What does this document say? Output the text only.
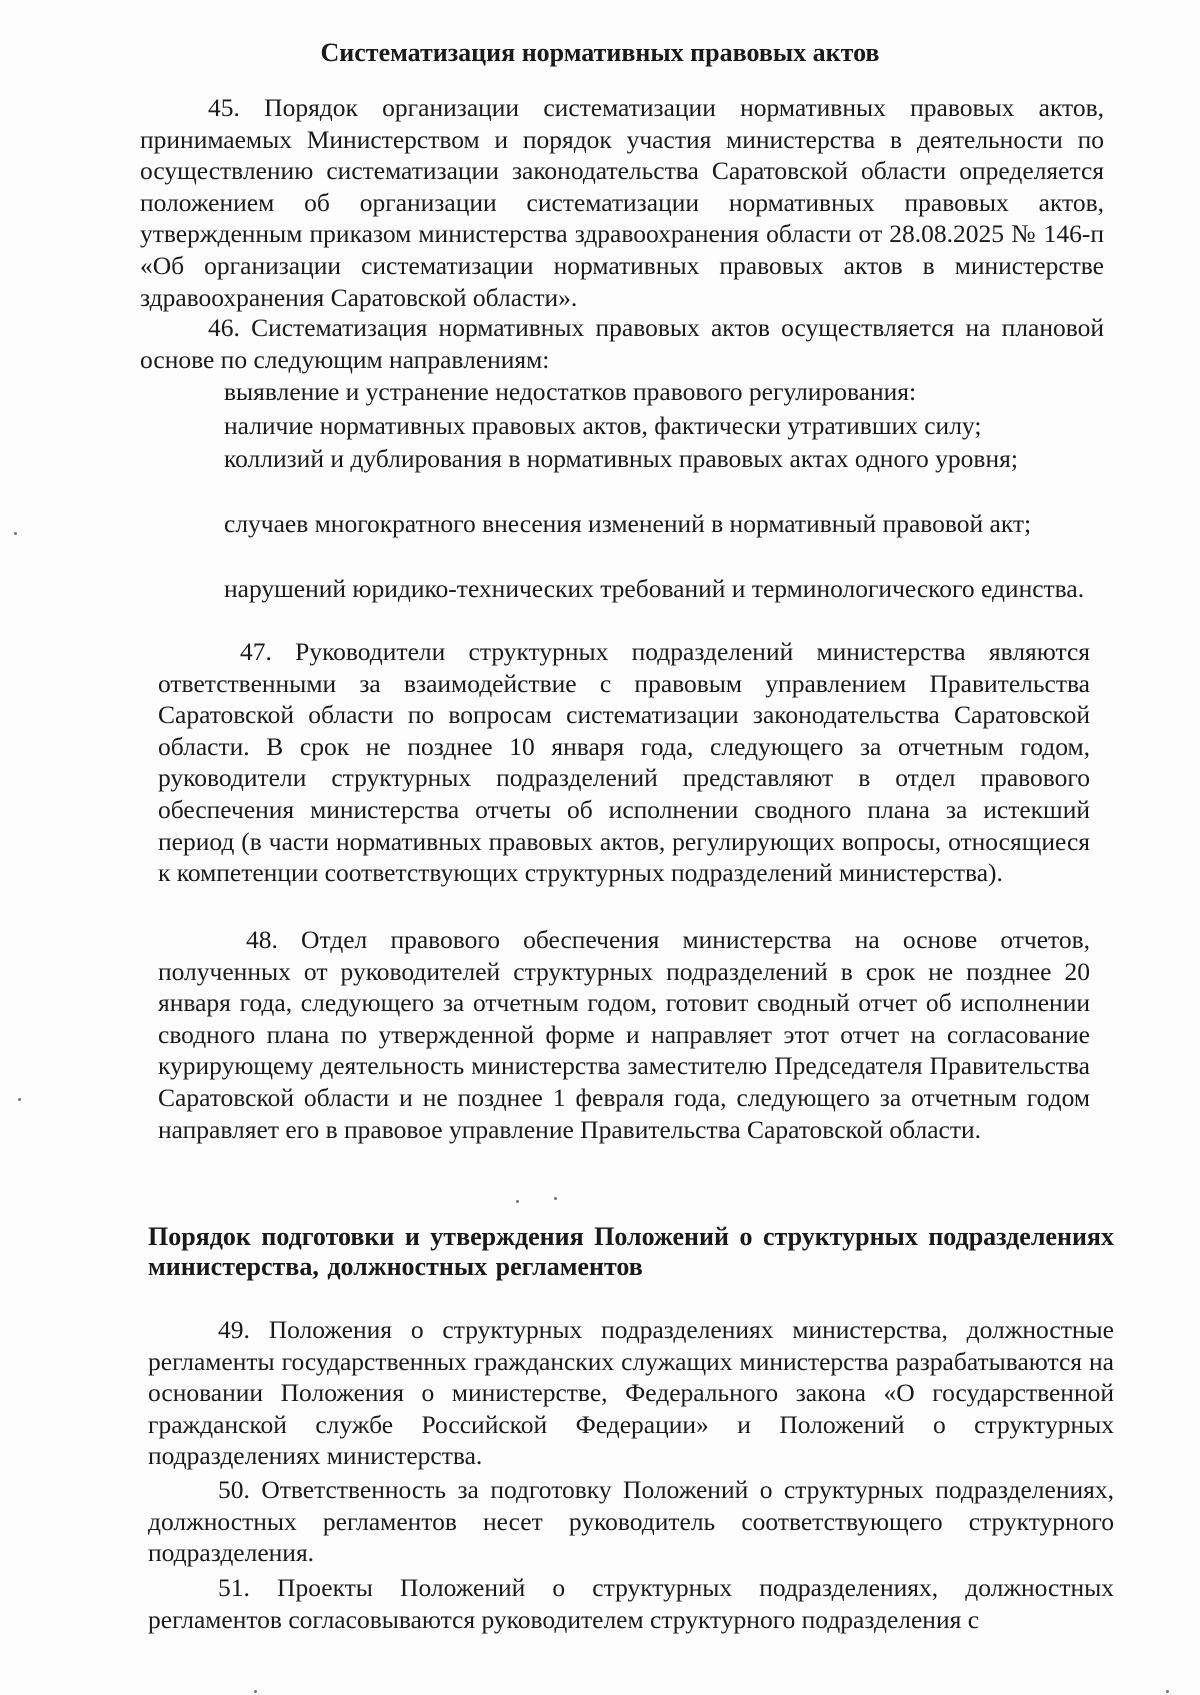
Систематизация нормативных правовых актов

45. Порядок организации систематизации нормативных правовых актов, принимаемых Министерством и порядок участия министерства в деятельности по осуществлению систематизации законодательства Саратовской области определяется положением об организации систематизации нормативных правовых актов, утвержденным приказом министерства здравоохранения области от 28.08.2025 № 146-п «Об организации систематизации нормативных правовых актов в министерстве здравоохранения Саратовской области».

46. Систематизация нормативных правовых актов осуществляется на плановой основе по следующим направлениям:

выявление и устранение недостатков правового регулирования:

наличие нормативных правовых актов, фактически утративших силу;

коллизий и дублирования в нормативных правовых актах одного уровня;

случаев многократного внесения изменений в нормативный правовой акт;

нарушений юридико-технических требований и терминологического единства.

47. Руководители структурных подразделений министерства являются ответственными за взаимодействие с правовым управлением Правительства Саратовской области по вопросам систематизации законодательства Саратовской области. В срок не позднее 10 января года, следующего за отчетным годом, руководители структурных подразделений представляют в отдел правового обеспечения министерства отчеты об исполнении сводного плана за истекший период (в части нормативных правовых актов, регулирующих вопросы, относящиеся к компетенции соответствующих структурных подразделений министерства).

48. Отдел правового обеспечения министерства на основе отчетов, полученных от руководителей структурных подразделений в срок не позднее 20 января года, следующего за отчетным годом, готовит сводный отчет об исполнении сводного плана по утвержденной форме и направляет этот отчет на согласование курирующему деятельность министерства заместителю Председателя Правительства Саратовской области и не позднее 1 февраля года, следующего за отчетным годом направляет его в правовое управление Правительства Саратовской области.

Порядок подготовки и утверждения Положений о структурных подразделениях министерства, должностных регламентов

49. Положения о структурных подразделениях министерства, должностные регламенты государственных гражданских служащих министерства разрабатываются на основании Положения о министерстве, Федерального закона «О государственной гражданской службе Российской Федерации» и Положений о структурных подразделениях министерства.

50. Ответственность за подготовку Положений о структурных подразделениях, должностных регламентов несет руководитель соответствующего структурного подразделения.

51. Проекты Положений о структурных подразделениях, должностных регламентов согласовываются руководителем структурного подразделения с
